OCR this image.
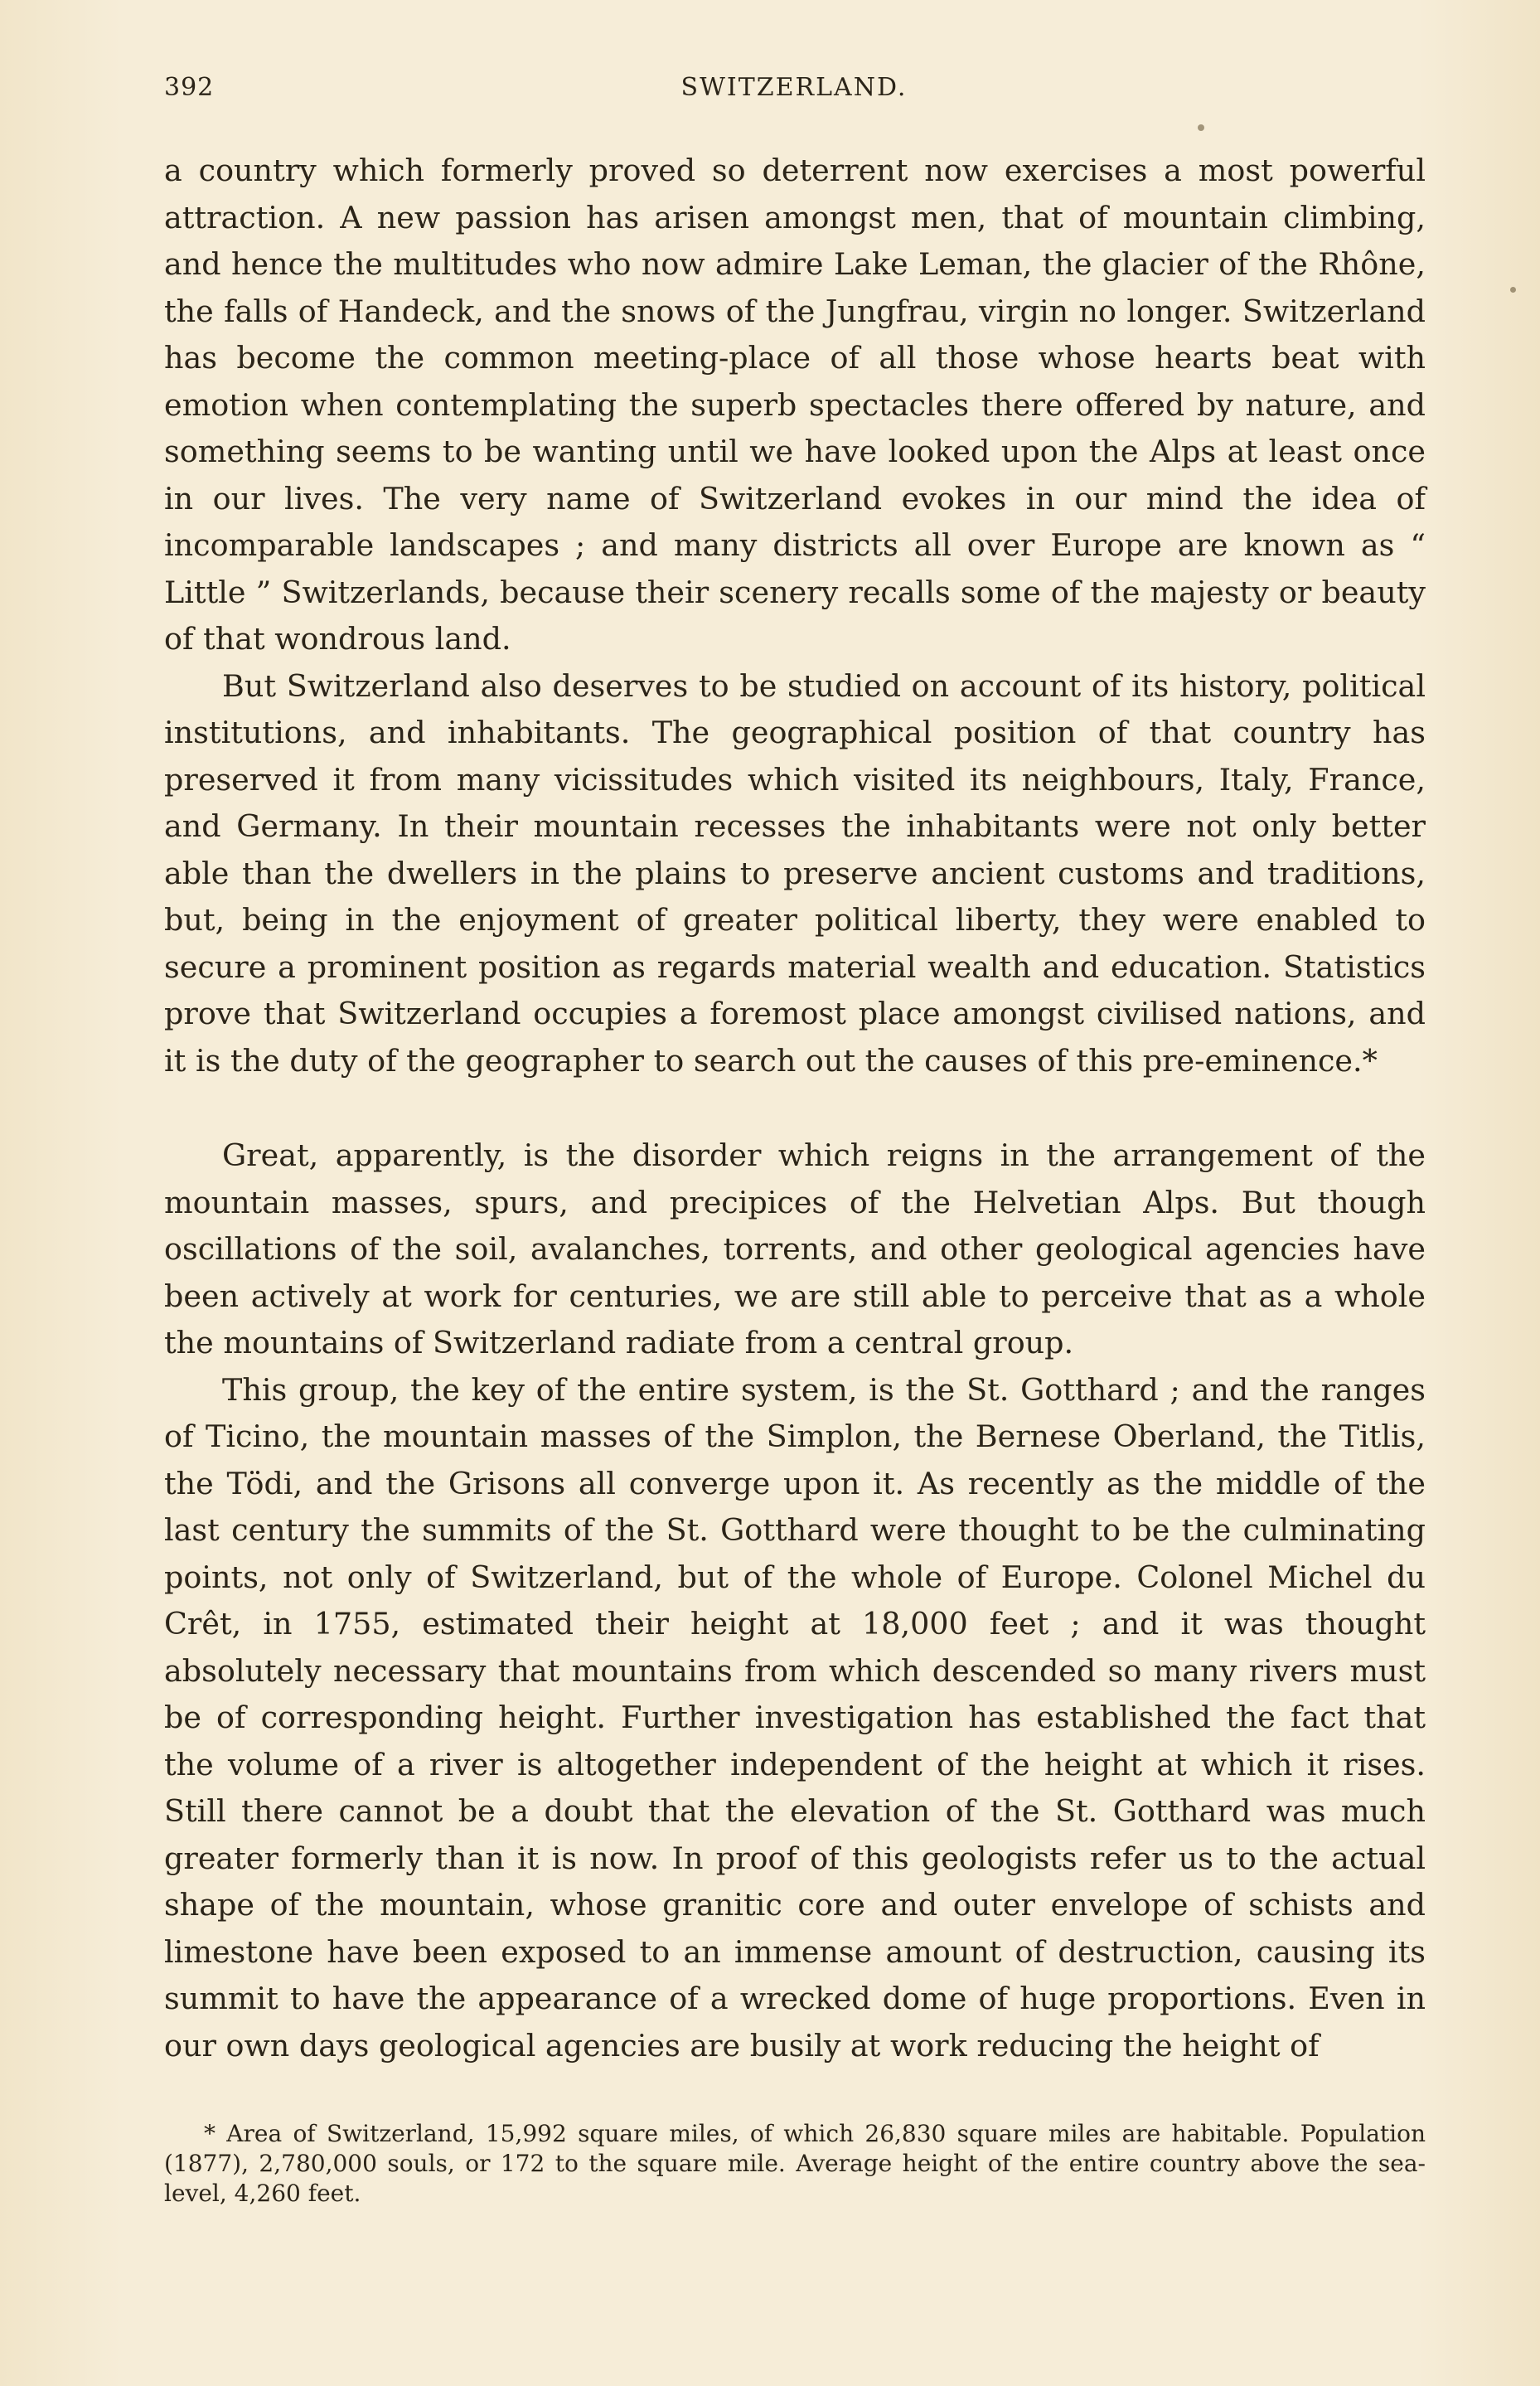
392	SWITZERLAND.

a country which formerly proved so deterrent now exercises a most powerful attraction. A new passion has arisen amongst men, that of mountain climbing, and hence the multitudes who now admire Lake Leman, the glacier of the Rhône, the falls of Handeck, and the snows of the Jungfrau, virgin no longer. Switzerland has become the common meeting-place of all those whose hearts beat with emotion when contemplating the superb spectacles there offered by nature, and something seems to be wanting until we have looked upon the Alps at least once in our lives. The very name of Switzerland evokes in our mind the idea of incomparable landscapes ; and many districts all over Europe are known as “ Little ” Switzerlands, because their scenery recalls some of the majesty or beauty of that wondrous land.

But Switzerland also deserves to be studied on account of its history, political institutions, and inhabitants. The geographical position of that country has preserved it from many vicissitudes which visited its neighbours, Italy, France, and Germany. In their mountain recesses the inhabitants were not only better able than the dwellers in the plains to preserve ancient customs and traditions, but, being in the enjoyment of greater political liberty, they were enabled to secure a prominent position as regards material wealth and education. Statistics prove that Switzerland occupies a foremost place amongst civilised nations, and it is the duty of the geographer to search out the causes of this pre-eminence.*

Great, apparently, is the disorder which reigns in the arrangement of the mountain masses, spurs, and precipices of the Helvetian Alps. But though oscillations of the soil, avalanches, torrents, and other geological agencies have been actively at work for centuries, we are still able to perceive that as a whole the mountains of Switzerland radiate from a central group.

This group, the key of the entire system, is the St. Gotthard ; and the ranges of Ticino, the mountain masses of the Simplon, the Bernese Oberland, the Titlis, the Tödi, and the Grisons all converge upon it. As recently as the middle of the last century the summits of the St. Gotthard were thought to be the culminating points, not only of Switzerland, but of the whole of Europe. Colonel Michel du Crêt, in 1755, estimated their height at 18,000 feet ; and it was thought absolutely necessary that mountains from which descended so many rivers must be of corresponding height. Further investigation has established the fact that the volume of a river is altogether independent of the height at which it rises. Still there cannot be a doubt that the elevation of the St. Gotthard was much greater formerly than it is now. In proof of this geologists refer us to the actual shape of the mountain, whose granitic core and outer envelope of schists and limestone have been exposed to an immense amount of destruction, causing its summit to have the appearance of a wrecked dome of huge proportions. Even in our own days geological agencies are busily at work reducing the height of

* Area of Switzerland, 15,992 square miles, of which 26,830 square miles are habitable. Population (1877), 2,780,000 souls, or 172 to the square mile. Average height of the entire country above the sea-level, 4,260 feet.
